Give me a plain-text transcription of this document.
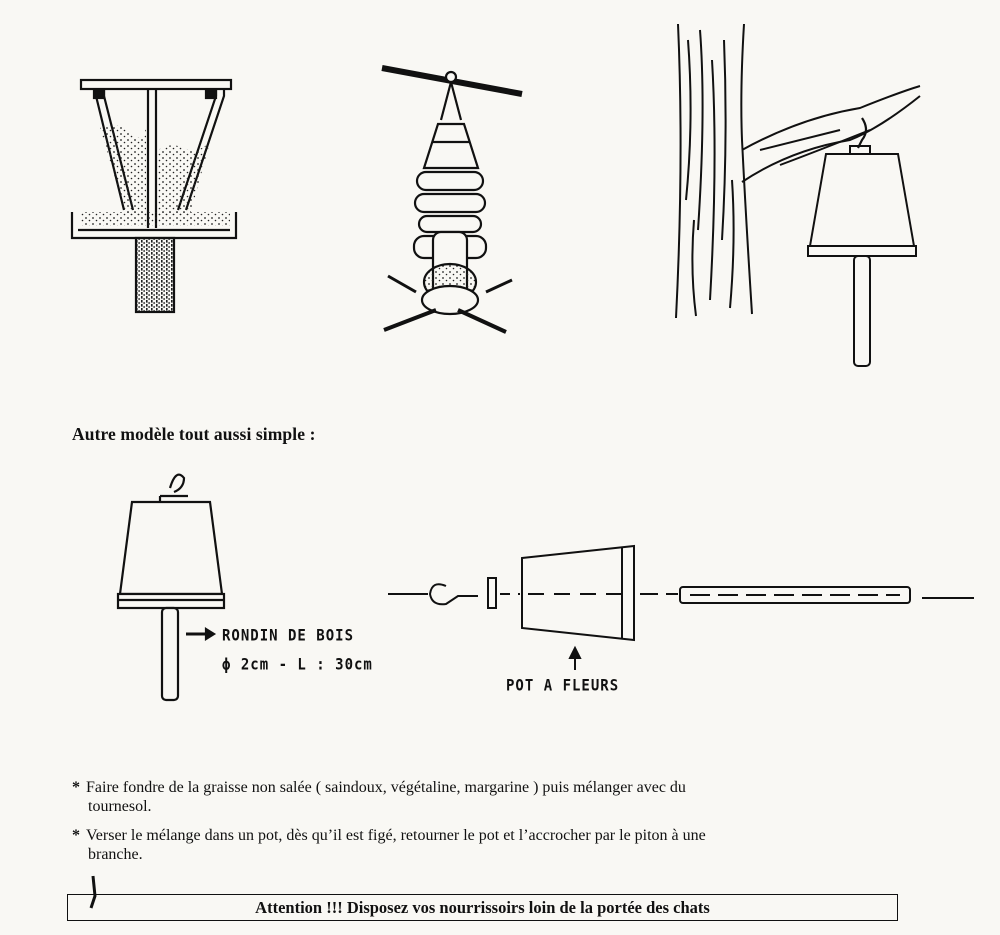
Autre modèle tout aussi simple :
RONDIN DE BOIS
ϕ 2cm - L : 30cm
POT A FLEURS
* Faire fondre de la graisse non salée ( saindoux, végétaline, margarine ) puis mélanger avec du
tournesol.
* Verser le mélange dans un pot, dès qu’il est figé, retourner le pot et l’accrocher par le piton à une
branche.
Attention !!! Disposez vos nourrissoirs loin de la portée des chats
